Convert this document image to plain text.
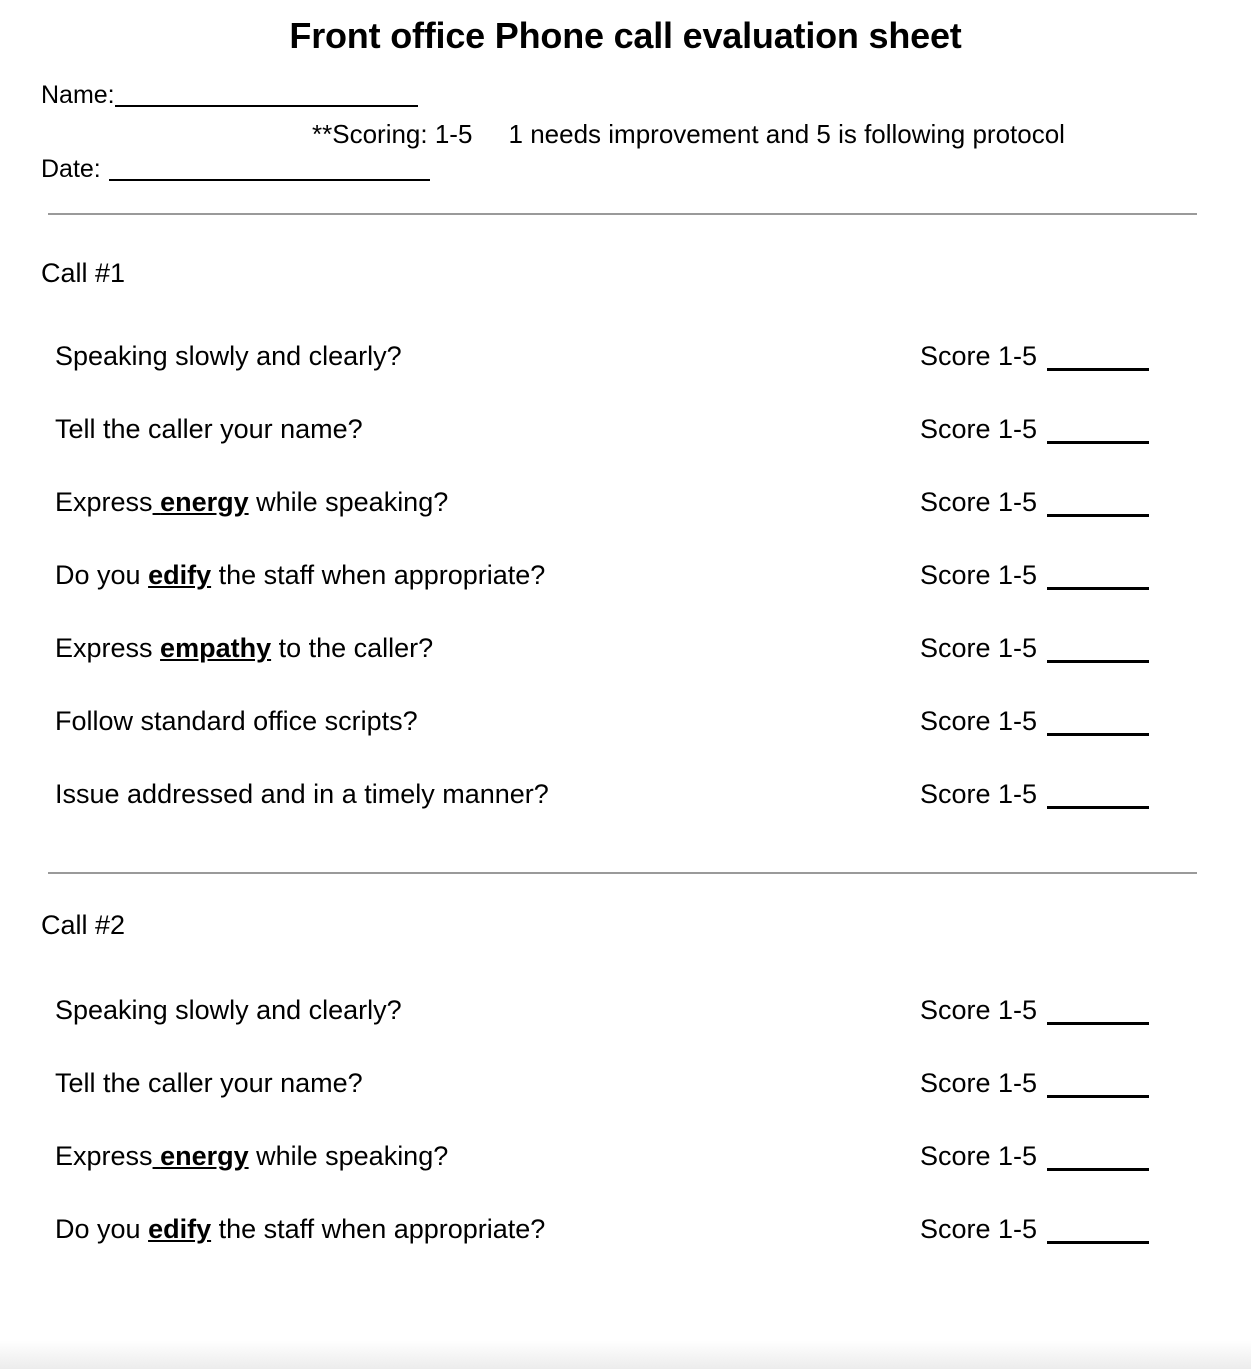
Front office Phone call evaluation sheet
Name:
**Scoring: 1-5     1 needs improvement and 5 is following protocol
Date:
Call #1
Speaking slowly and clearly?	Score 1-5
Tell the caller your name?	Score 1-5
Express energy while speaking?	Score 1-5
Do you edify the staff when appropriate?	Score 1-5
Express empathy to the caller?	Score 1-5
Follow standard office scripts?	Score 1-5
Issue addressed and in a timely manner?	Score 1-5
Call #2
Speaking slowly and clearly?	Score 1-5
Tell the caller your name?	Score 1-5
Express energy while speaking?	Score 1-5
Do you edify the staff when appropriate?	Score 1-5
